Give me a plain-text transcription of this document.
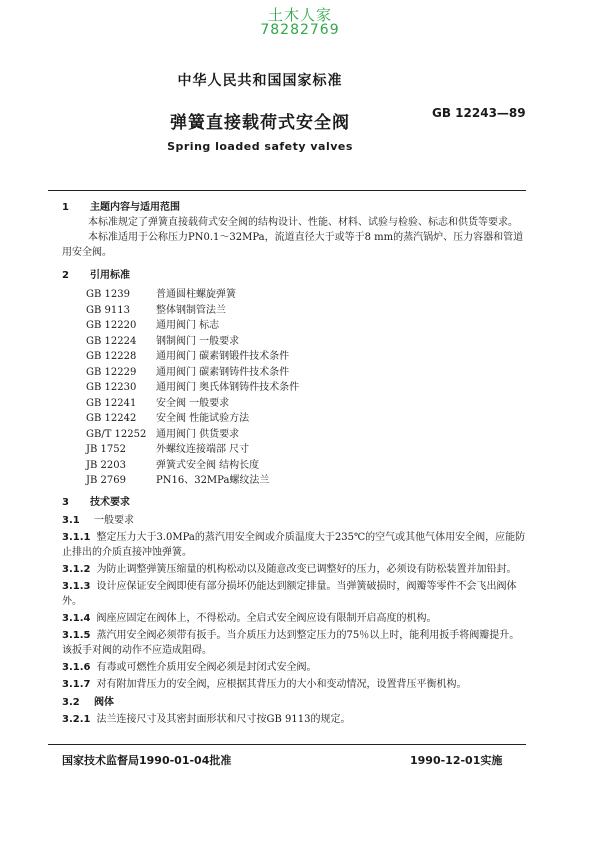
土木人家
78282769
中华人民共和国国家标准
弹簧直接载荷式安全阀	GB 12243—89
Spring loaded safety valves
1 主题内容与适用范围
本标准规定了弹簧直接载荷式安全阀的结构设计、性能、材料、试验与检验、标志和供货等要求。
本标准适用于公称压力PN0.1～32MPa，流道直径大于或等于8 mm的蒸汽锅炉、压力容器和管道用安全阀。
2 引用标准
GB 1239	普通圆柱螺旋弹簧
GB 9113	整体钢制管法兰
GB 12220 通用阀门 标志
GB 12224 钢制阀门 一般要求
GB 12228 通用阀门 碳素钢锻件技术条件
GB 12229 通用阀门 碳素钢铸件技术条件
GB 12230 通用阀门 奥氏体钢铸件技术条件
GB 12241 安全阀 一般要求
GB 12242 安全阀 性能试验方法
GB/T 12252 通用阀门 供货要求
JB 1752	外螺纹连接端部 尺寸
JB 2203	弹簧式安全阀 结构长度
JB 2769	PN16、32MPa螺纹法兰
3 技术要求
3.1 一般要求
3.1.1 整定压力大于3.0MPa的蒸汽用安全阀或介质温度大于235℃的空气或其他气体用安全阀，应能防止排出的介质直接冲蚀弹簧。
3.1.2 为防止调整弹簧压缩量的机构松动以及随意改变已调整好的压力，必须设有防松装置并加铅封。
3.1.3 设计应保证安全阀即使有部分损坏仍能达到额定排量。当弹簧破损时，阀瓣等零件不会飞出阀体外。
3.1.4 阀座应固定在阀体上，不得松动。全启式安全阀应设有限制开启高度的机构。
3.1.5 蒸汽用安全阀必须带有扳手。当介质压力达到整定压力的75％以上时，能利用扳手将阀瓣提升。该扳手对阀的动作不应造成阻碍。
3.1.6 有毒或可燃性介质用安全阀必须是封闭式安全阀。
3.1.7 对有附加背压力的安全阀，应根据其背压力的大小和变动情况，设置背压平衡机构。
3.2 阀体
3.2.1 法兰连接尺寸及其密封面形状和尺寸按GB 9113的规定。
国家技术监督局1990-01-04批准	1990-12-01实施
